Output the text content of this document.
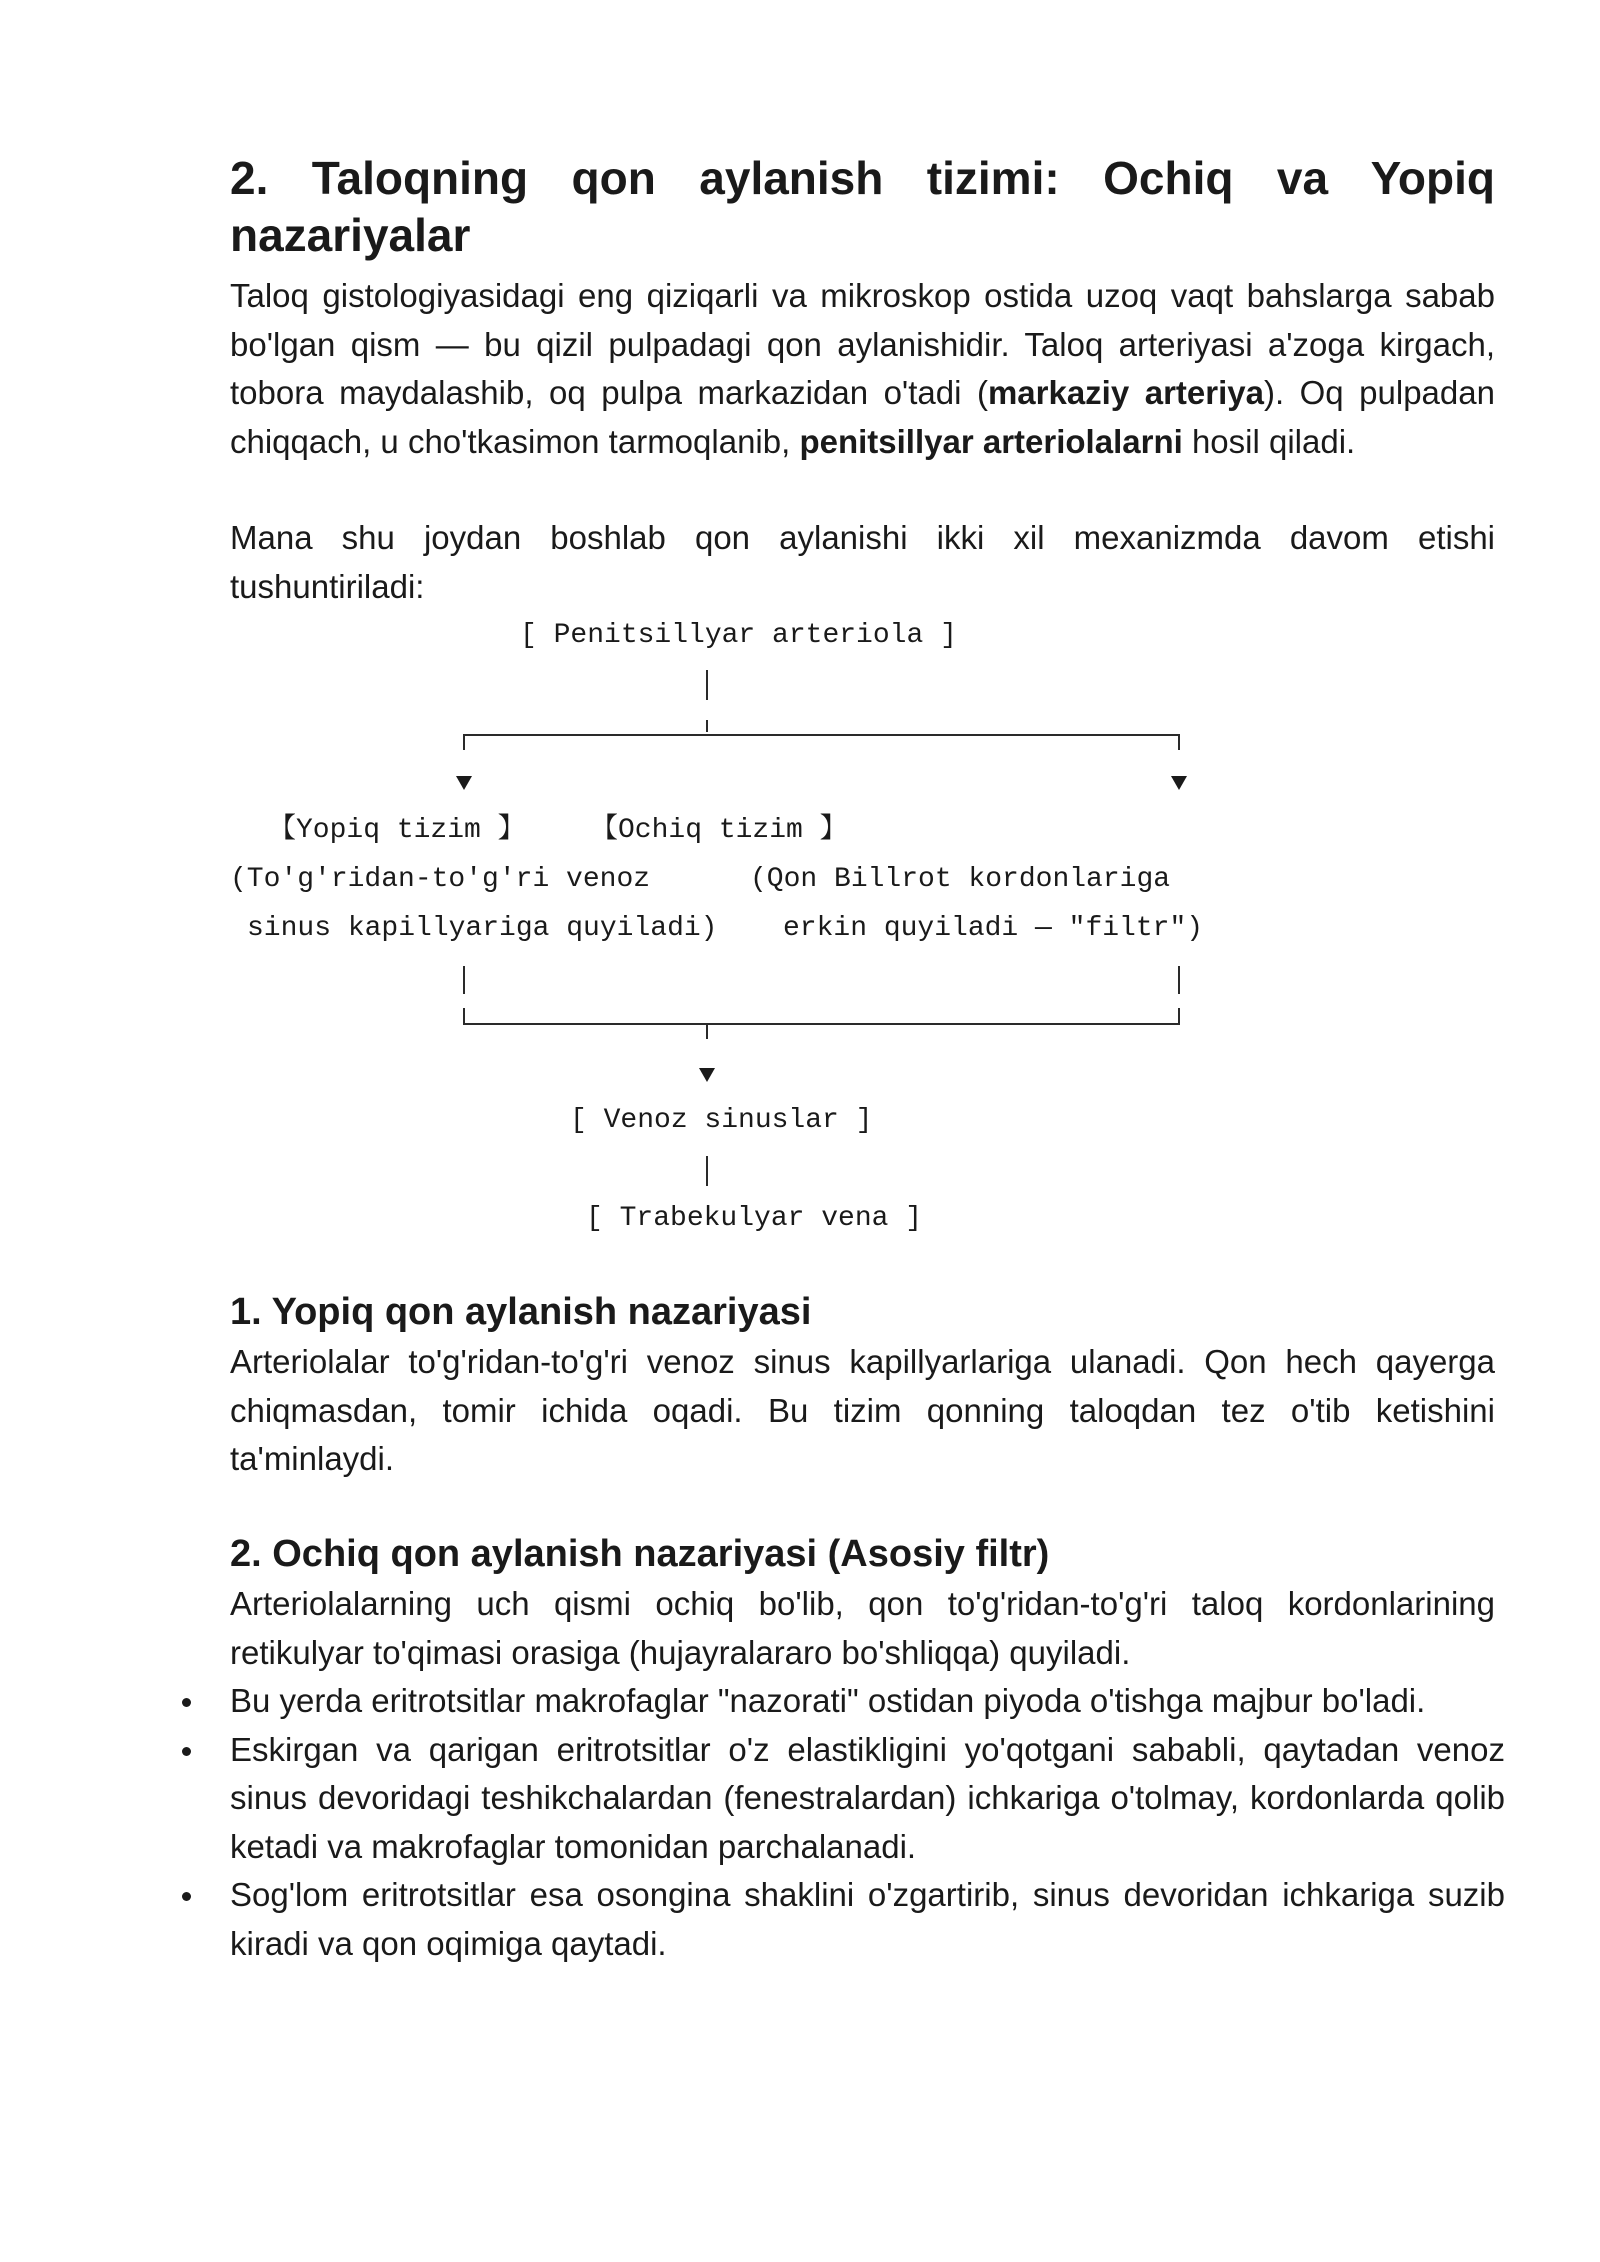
2. Taloqning qon aylanish tizimi: Ochiq va Yopiq nazariyalar

Taloq gistologiyasidagi eng qiziqarli va mikroskop ostida uzoq vaqt bahslarga sabab bo'lgan qism — bu qizil pulpadagi qon aylanishidir. Taloq arteriyasi a'zoga kirgach, tobora maydalashib, oq pulpa markazidan o'tadi (markaziy arteriya). Oq pulpadan chiqqach, u cho'tkasimon tarmoqlanib, penitsillyar arteriolalarni hosil qiladi.

Mana shu joydan boshlab qon aylanishi ikki xil mexanizmda davom etishi tushuntiriladi:

[ Penitsillyar arteriola ]
【Yopiq tizim 】 【Ochiq tizim 】
(To'g'ridan-to'g'ri venoz	(Qon Billrot kordonlariga
sinus kapillyariga quyiladi) erkin quyiladi — "filtr")
[ Venoz sinuslar ]
[ Trabekulyar vena ]
1. Yopiq qon aylanish nazariyasi

Arteriolalar to'g'ridan-to'g'ri venoz sinus kapillyarlariga ulanadi. Qon hech qayerga chiqmasdan, tomir ichida oqadi. Bu tizim qonning taloqdan tez o'tib ketishini ta'minlaydi.

2. Ochiq qon aylanish nazariyasi (Asosiy filtr)

Arteriolalarning uch qismi ochiq bo'lib, qon to'g'ridan-to'g'ri taloq kordonlarining retikulyar to'qimasi orasiga (hujayralararo bo'shliqqa) quyiladi.

Bu yerda eritrotsitlar makrofaglar "nazorati" ostidan piyoda o'tishga majbur bo'ladi.
Eskirgan va qarigan eritrotsitlar o'z elastikligini yo'qotgani sababli, qaytadan venoz sinus devoridagi teshikchalardan (fenestralardan) ichkariga o'tolmay, kordonlarda qolib ketadi va makrofaglar tomonidan parchalanadi.
Sog'lom eritrotsitlar esa osongina shaklini o'zgartirib, sinus devoridan ichkariga suzib kiradi va qon oqimiga qaytadi.
